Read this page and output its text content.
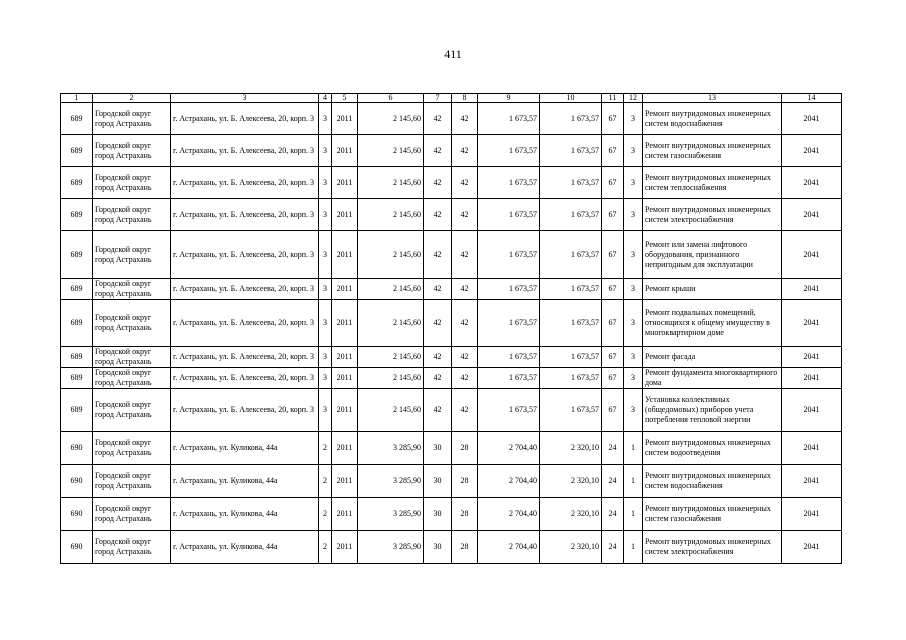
411
1	2	3	4	5	6	7	8	9	10	11	12	13	14
689	Городской округ город Астрахань	г. Астрахань, ул. Б. Алексеева, 20, корп. 3	3	2011	2 145,60	42	42	1 673,57	1 673,57	67	3	Ремонт внутридомовых инженерных систем водоснабжения	2041
689	Городской округ город Астрахань	г. Астрахань, ул. Б. Алексеева, 20, корп. 3	3	2011	2 145,60	42	42	1 673,57	1 673,57	67	3	Ремонт внутридомовых инженерных систем газоснабжения	2041
689	Городской округ город Астрахань	г. Астрахань, ул. Б. Алексеева, 20, корп. 3	3	2011	2 145,60	42	42	1 673,57	1 673,57	67	3	Ремонт внутридомовых инженерных систем теплоснабжения	2041
689	Городской округ город Астрахань	г. Астрахань, ул. Б. Алексеева, 20, корп. 3	3	2011	2 145,60	42	42	1 673,57	1 673,57	67	3	Ремонт внутридомовых инженерных систем электроснабжения	2041
689	Городской округ город Астрахань	г. Астрахань, ул. Б. Алексеева, 20, корп. 3	3	2011	2 145,60	42	42	1 673,57	1 673,57	67	3	Ремонт или замена лифтового оборудования, признанного непригодным для эксплуатации	2041
689	Городской округ город Астрахань	г. Астрахань, ул. Б. Алексеева, 20, корп. 3	3	2011	2 145,60	42	42	1 673,57	1 673,57	67	3	Ремонт крыши	2041
689	Городской округ город Астрахань	г. Астрахань, ул. Б. Алексеева, 20, корп. 3	3	2011	2 145,60	42	42	1 673,57	1 673,57	67	3	Ремонт подвальных помещений, относящихся к общему имуществу в многоквартирном доме	2041
689	Городской округ город Астрахань	г. Астрахань, ул. Б. Алексеева, 20, корп. 3	3	2011	2 145,60	42	42	1 673,57	1 673,57	67	3	Ремонт фасада	2041
689	Городской округ город Астрахань	г. Астрахань, ул. Б. Алексеева, 20, корп. 3	3	2011	2 145,60	42	42	1 673,57	1 673,57	67	3	Ремонт фундамента многоквартирного дома	2041
689	Городской округ город Астрахань	г. Астрахань, ул. Б. Алексеева, 20, корп. 3	3	2011	2 145,60	42	42	1 673,57	1 673,57	67	3	Установка коллективных (общедомовых) приборов учета потребления тепловой энергии	2041
690	Городской округ город Астрахань	г. Астрахань, ул. Куликова, 44а	2	2011	3 285,90	30	28	2 704,40	2 320,10	24	1	Ремонт внутридомовых инженерных систем водоотведения	2041
690	Городской округ город Астрахань	г. Астрахань, ул. Куликова, 44а	2	2011	3 285,90	30	28	2 704,40	2 320,10	24	1	Ремонт внутридомовых инженерных систем водоснабжения	2041
690	Городской округ город Астрахань	г. Астрахань, ул. Куликова, 44а	2	2011	3 285,90	30	28	2 704,40	2 320,10	24	1	Ремонт внутридомовых инженерных систем газоснабжения	2041
690	Городской округ город Астрахань	г. Астрахань, ул. Куликова, 44а	2	2011	3 285,90	30	28	2 704,40	2 320,10	24	1	Ремонт внутридомовых инженерных систем электроснабжения	2041
